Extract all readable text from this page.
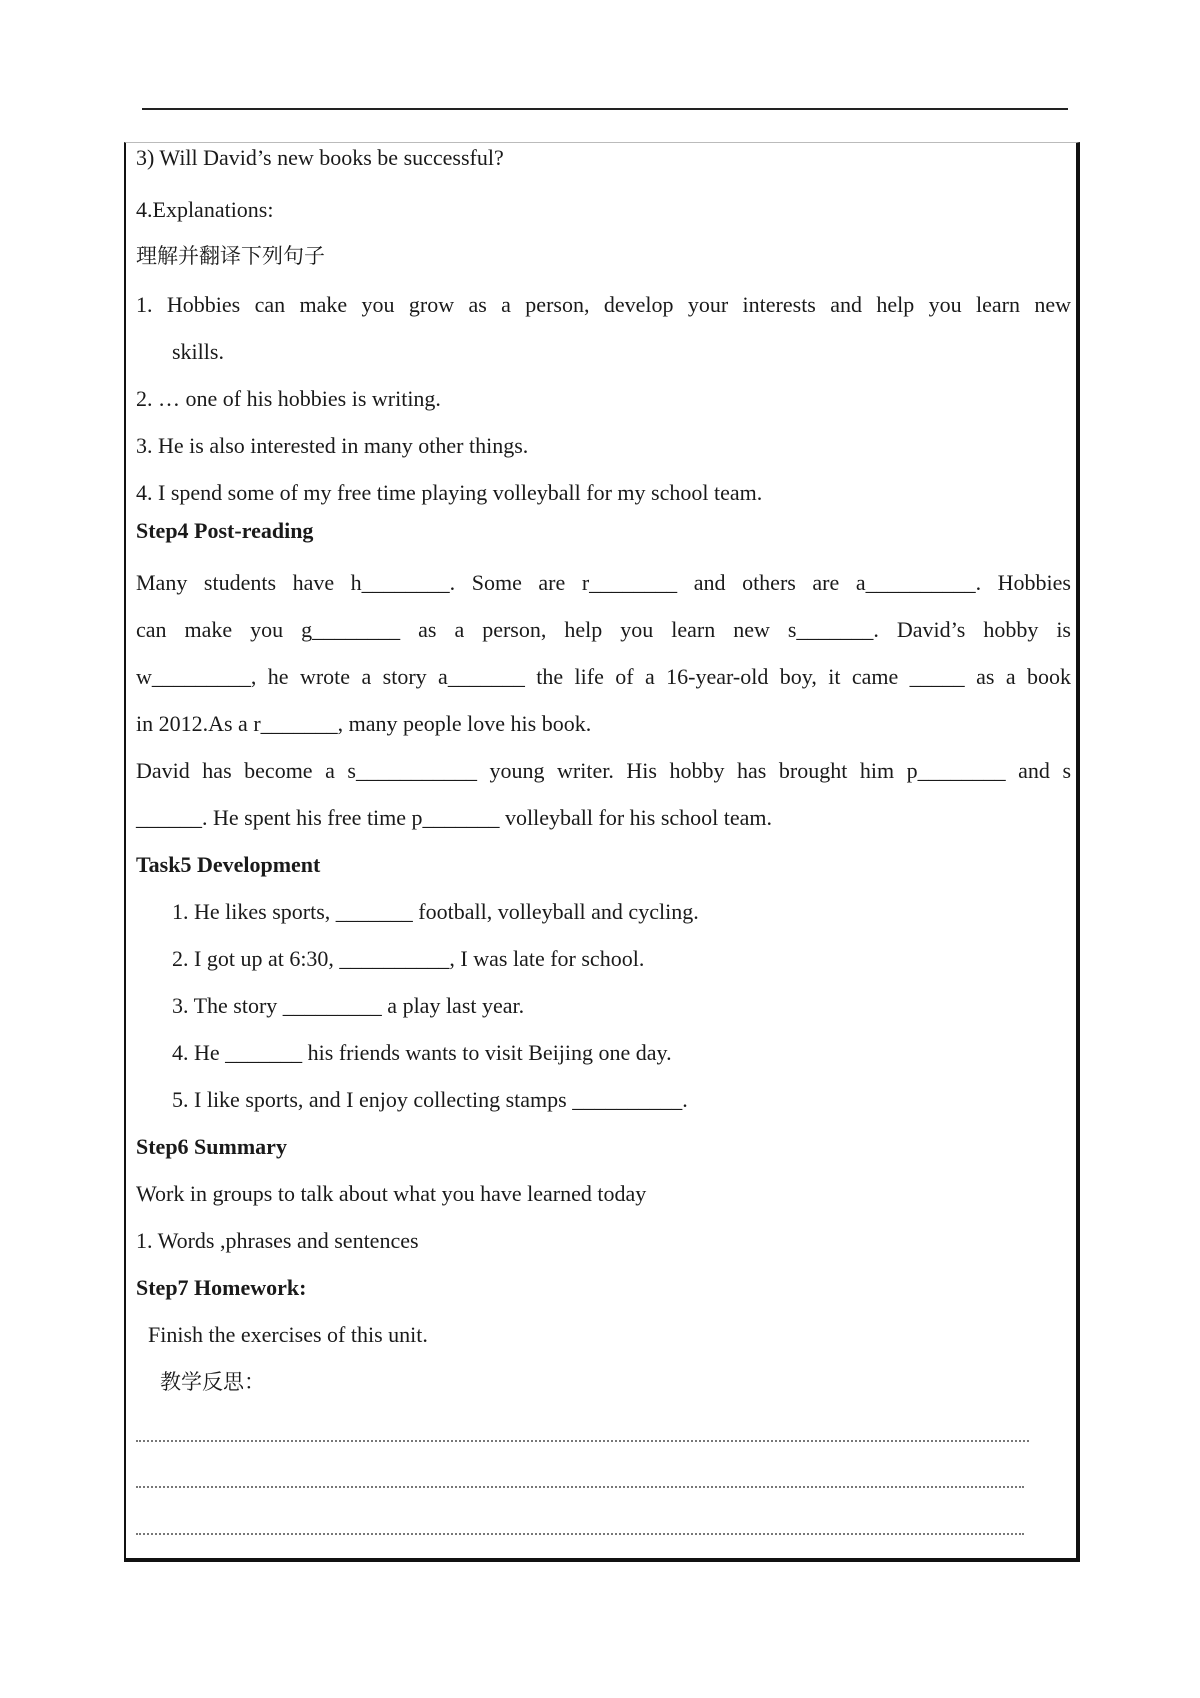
3) Will David’s new books be successful?

4.Explanations:

理解并翻译下列句子

1. Hobbies can make you grow as a person, develop your interests and help you learn new

skills.

2. … one of his hobbies is writing.

3. He is also interested in many other things.

4. I spend some of my free time playing volleyball for my school team.

Step4 Post-reading

Many students have h________. Some are r________ and others are a__________. Hobbies

can make you g________ as a person, help you learn new s_______. David’s hobby is

w_________, he wrote a story a_______ the life of a 16-year-old boy, it came _____ as a book

in 2012.As a r_______, many people love his book.

David has become a s___________ young writer. His hobby has brought him p________ and s

______. He spent his free time p_______ volleyball for his school team.

Task5 Development

1. He likes sports, _______ football, volleyball and cycling.

2. I got up at 6:30, __________, I was late for school.

3. The story _________ a play last year.

4. He _______ his friends wants to visit Beijing one day.

5. I like sports, and I enjoy collecting stamps __________.

Step6 Summary

Work in groups to talk about what you have learned today

1. Words ,phrases and sentences

Step7 Homework:

Finish the exercises of this unit.

教学反思：
